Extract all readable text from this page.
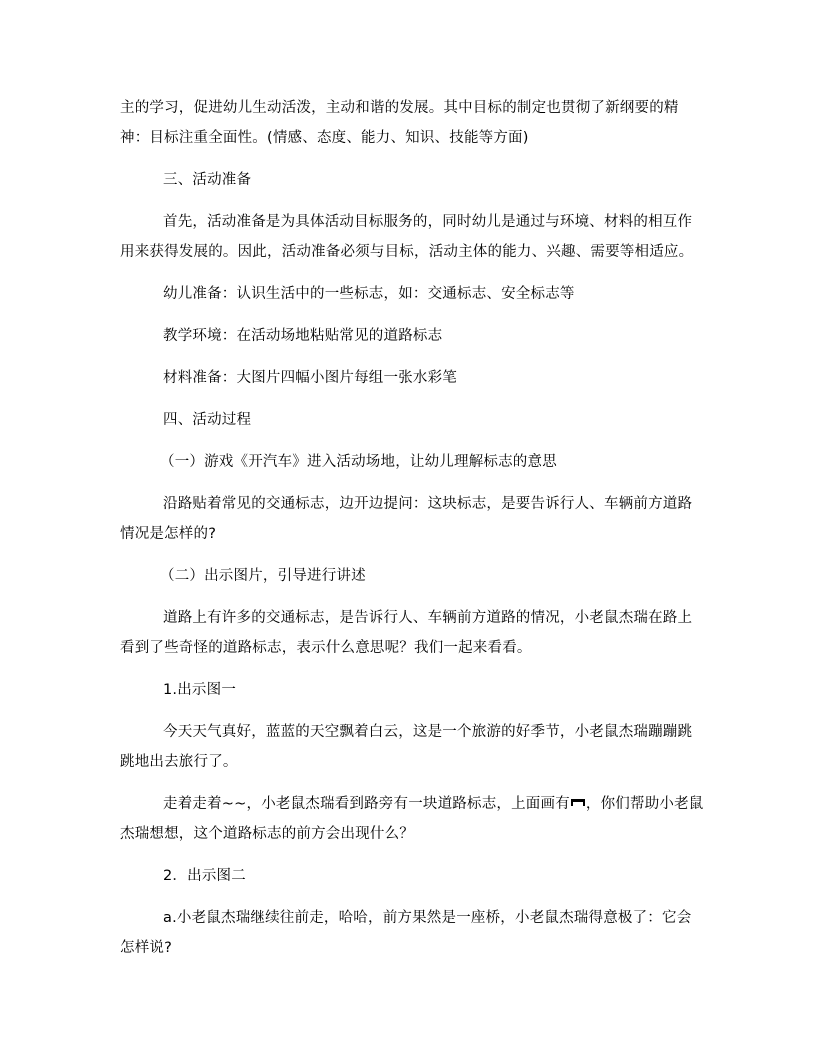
主的学习，促进幼儿生动活泼，主动和谐的发展。其中目标的制定也贯彻了新纲要的精
神：目标注重全面性。(情感、态度、能力、知识、技能等方面)
三、活动准备
首先，活动准备是为具体活动目标服务的，同时幼儿是通过与环境、材料的相互作
用来获得发展的。因此，活动准备必须与目标，活动主体的能力、兴趣、需要等相适应。
幼儿准备：认识生活中的一些标志，如：交通标志、安全标志等
教学环境：在活动场地粘贴常见的道路标志
材料准备：大图片四幅小图片每组一张水彩笔
四、活动过程
（一）游戏《开汽车》进入活动场地，让幼儿理解标志的意思
沿路贴着常见的交通标志，边开边提问：这块标志，是要告诉行人、车辆前方道路
情况是怎样的?
（二）出示图片，引导进行讲述
道路上有许多的交通标志，是告诉行人、车辆前方道路的情况，小老鼠杰瑞在路上
看到了些奇怪的道路标志，表示什么意思呢？我们一起来看看。
1.出示图一
今天天气真好，蓝蓝的天空飘着白云，这是一个旅游的好季节，小老鼠杰瑞蹦蹦跳
跳地出去旅行了。
走着走着~~，小老鼠杰瑞看到路旁有一块道路标志，上面画有 ，你们帮助小老鼠
杰瑞想想，这个道路标志的前方会出现什么？
2．出示图二
a.小老鼠杰瑞继续往前走，哈哈，前方果然是一座桥，小老鼠杰瑞得意极了：它会
怎样说?
